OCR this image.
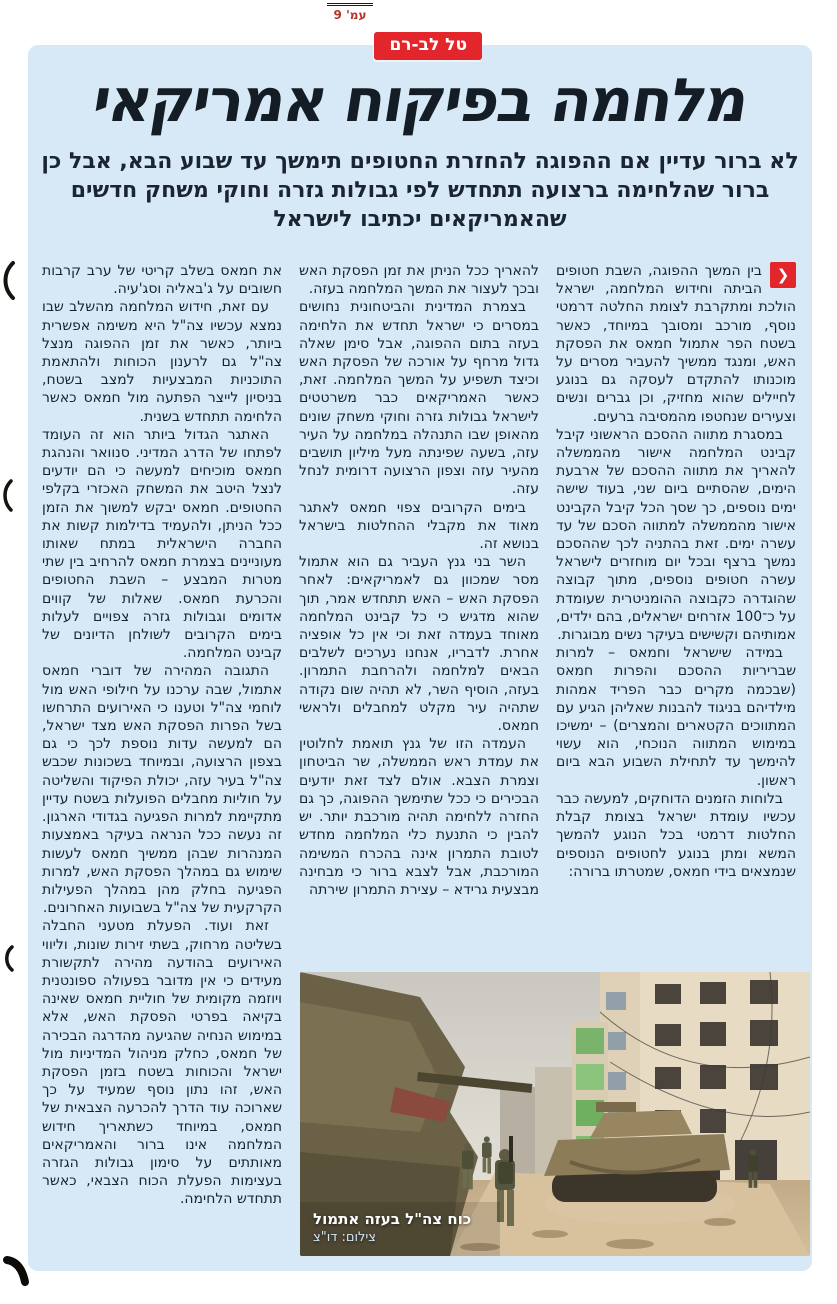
עמ' 9
טל לב-רם
מלחמה בפיקוח אמריקאי
לא ברור עדיין אם ההפוגה להחזרת החטופים תימשך עד שבוע הבא, אבל כן
ברור שהלחימה ברצועה תתחדש לפי גבולות גזרה וחוקי משחק חדשים
שהאמריקאים יכתיבו לישראל

❮
בין המשך ההפוגה, השבת חטופים הביתה וחידוש המלחמה, ישראל הולכת ומתקרבת לצומת החלטה דרמטי נוסף, מורכב ומסובך במיוחד, כאשר בשטח הפר אתמול חמאס את הפסקת האש, ומנגד ממשיך להעביר מסרים על מוכנותו להתקדם לעסקה גם בנוגע לחיילים שהוא מחזיק, וכן גברים ונשים וצעירים שנחטפו מהמסיבה ברעים.

במסגרת מתווה ההסכם הראשוני קיבל קבינט המלחמה אישור מהממשלה להאריך את מתווה ההסכם של ארבעת הימים, שהסתיים ביום שני, בעוד שישה ימים נוספים, כך שסך הכל קיבל הקבינט אישור מהממשלה למתווה הסכם של עד עשרה ימים. זאת בהתניה לכך שההסכם נמשך ברצף ובכל יום מוחזרים לישראל עשרה חטופים נוספים, מתוך קבוצה שהוגדרה כקבוצה ההומניטרית שעומדת על כ־100 אזרחים ישראלים, בהם ילדים, אמותיהם וקשישים בעיקר נשים מבוגרות.

במידה שישראל וחמאס – למרות שבריריות ההסכם והפרות חמאס (שבכמה מקרים כבר הפריד אמהות מילדיהם בניגוד להבנות שאליהן הגיע עם המתווכים הקטארים והמצרים) – ימשיכו במימוש המתווה הנוכחי, הוא עשוי להימשך עד לתחילת השבוע הבא ביום ראשון.

בלוחות הזמנים הדוחקים, למעשה כבר עכשיו עומדת ישראל בצומת קבלת החלטות דרמטי בכל הנוגע להמשך המשא ומתן בנוגע לחטופים הנוספים שנמצאים בידי חמאס, שמטרתו ברורה:

להאריך ככל הניתן את זמן הפסקת האש ובכך לעצור את המשך המלחמה בעזה.

בצמרת המדינית והביטחונית נחושים במסרים כי ישראל תחדש את הלחימה בעזה בתום ההפוגה, אבל סימן שאלה גדול מרחף על אורכה של הפסקת האש וכיצד תשפיע על המשך המלחמה. זאת, כאשר האמריקאים כבר משרטטים לישראל גבולות גזרה וחוקי משחק שונים מהאופן שבו התנהלה במלחמה על העיר עזה, בשעה שפינתה מעל מיליון תושבים מהעיר עזה וצפון הרצועה דרומית לנחל עזה.

בימים הקרובים צפוי חמאס לאתגר מאוד את מקבלי ההחלטות בישראל בנושא זה.

השר בני גנץ העביר גם הוא אתמול מסר שמכוון גם לאמריקאים: לאחר הפסקת האש – האש תתחדש אמר, תוך שהוא מדגיש כי כל קבינט המלחמה מאוחד בעמדה זאת וכי אין כל אופציה אחרת. לדבריו, אנחנו נערכים לשלבים הבאים למלחמה ולהרחבת התמרון. בעזה, הוסיף השר, לא תהיה שום נקודה שתהיה עיר מקלט למחבלים ולראשי חמאס.

העמדה הזו של גנץ תואמת לחלוטין את עמדת ראש הממשלה, שר הביטחון וצמרת הצבא. אולם לצד זאת יודעים הבכירים כי ככל שתימשך ההפוגה, כך גם החזרה ללחימה תהיה מורכבת יותר. יש להבין כי התנעת כלי המלחמה מחדש לטובת התמרון אינה בהכרח המשימה המורכבת, אבל לצבא ברור כי מבחינה מבצעית גרידא – עצירת התמרון שירתה

את חמאס בשלב קריטי של ערב קרבות חשובים על ג'באליה וסג'עיה.

עם זאת, חידוש המלחמה מהשלב שבו נמצא עכשיו צה"ל היא משימה אפשרית ביותר, כאשר את זמן ההפוגה מנצל צה"ל גם לרענון הכוחות ולהתאמת התוכניות המבצעיות למצב בשטח, בניסיון לייצר הפתעה מול חמאס כאשר הלחימה תתחדש בשנית.

האתגר הגדול ביותר הוא זה העומד לפתחו של הדרג המדיני. סנוואר והנהגת חמאס מוכיחים למעשה כי הם יודעים לנצל היטב את המשחק האכזרי בקלפי החטופים. חמאס יבקש למשוך את הזמן ככל הניתן, ולהעמיד בדילמות קשות את החברה הישראלית במתח שאותו מעוניינים בצמרת חמאס להרחיב בין שתי מטרות המבצע – השבת החטופים והכרעת חמאס. שאלות של קווים אדומים וגבולות גזרה צפויים לעלות בימים הקרובים לשולחן הדיונים של קבינט המלחמה.

התגובה המהירה של דוברי חמאס אתמול, שבה ערכנו על חילופי האש מול לוחמי צה"ל וטענו כי האירועים התרחשו בשל הפרות הפסקת האש מצד ישראל, הם למעשה עדות נוספת לכך כי גם בצפון הרצועה, ובמיוחד בשכונות שכבש צה"ל בעיר עזה, יכולת הפיקוד והשליטה על חוליות מחבלים הפועלות בשטח עדיין מתקיימת למרות הפגיעה בגדודי הארגון. זה נעשה ככל הנראה בעיקר באמצעות המנהרות שבהן ממשיך חמאס לעשות שימוש גם במהלך הפסקת האש, למרות הפגיעה בחלק מהן במהלך הפעילות הקרקעית של צה"ל בשבועות האחרונים.

זאת ועוד. הפעלת מטעני החבלה בשליטה מרחוק, בשתי זירות שונות, וליווי האירועים בהודעה מהירה לתקשורת מעידים כי אין מדובר בפעולה ספונטנית ויוזמה מקומית של חוליית חמאס שאינה בקיאה בפרטי הפסקת האש, אלא במימוש הנחיה שהגיעה מהדרגה הבכירה של חמאס, כחלק מניהול המדיניות מול ישראל והכוחות בשטח בזמן הפסקת האש, זהו נתון נוסף שמעיד על כך שארוכה עוד הדרך להכרעה הצבאית של חמאס, במיוחד כשתאריך חידוש המלחמה אינו ברור והאמריקאים מאותתים על סימון גבולות הגזרה בעצימות הפעלת הכוח הצבאי, כאשר תתחדש הלחימה.

כוח צה"ל בעזה אתמול
צילום: דו"צ
